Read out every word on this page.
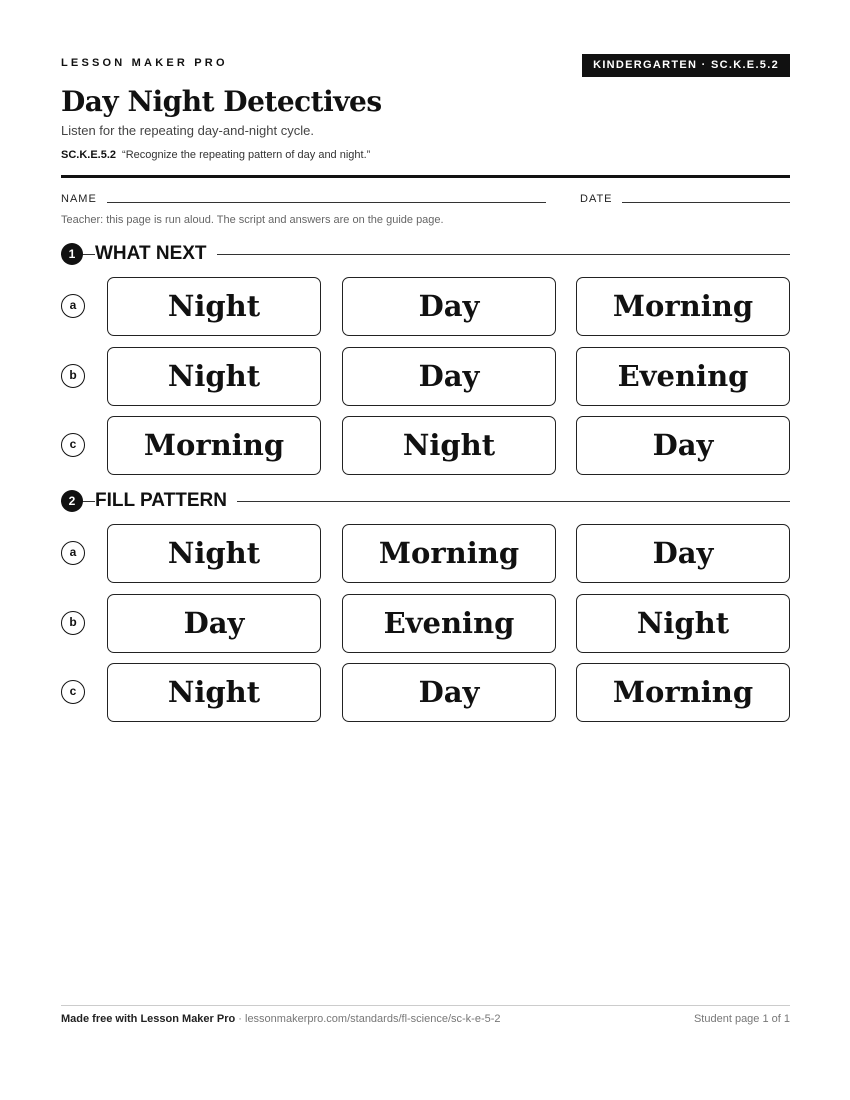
LESSON MAKER PRO	KINDERGARTEN · SC.K.E.5.2
Day Night Detectives
Listen for the repeating day-and-night cycle.
SC.K.E.5.2 “Recognize the repeating pattern of day and night.”
NAME	DATE
Teacher: this page is run aloud. The script and answers are on the guide page.
1	WHAT NEXT
a	Night	Day	Morning
b	Night	Day	Evening
c	Morning	Night	Day
2	FILL PATTERN
a	Night	Morning	Day
b	Day	Evening	Night
c	Night	Day	Morning
Made free with Lesson Maker Pro · lessonmakerpro.com/standards/fl-science/sc-k-e-5-2	Student page 1 of 1
